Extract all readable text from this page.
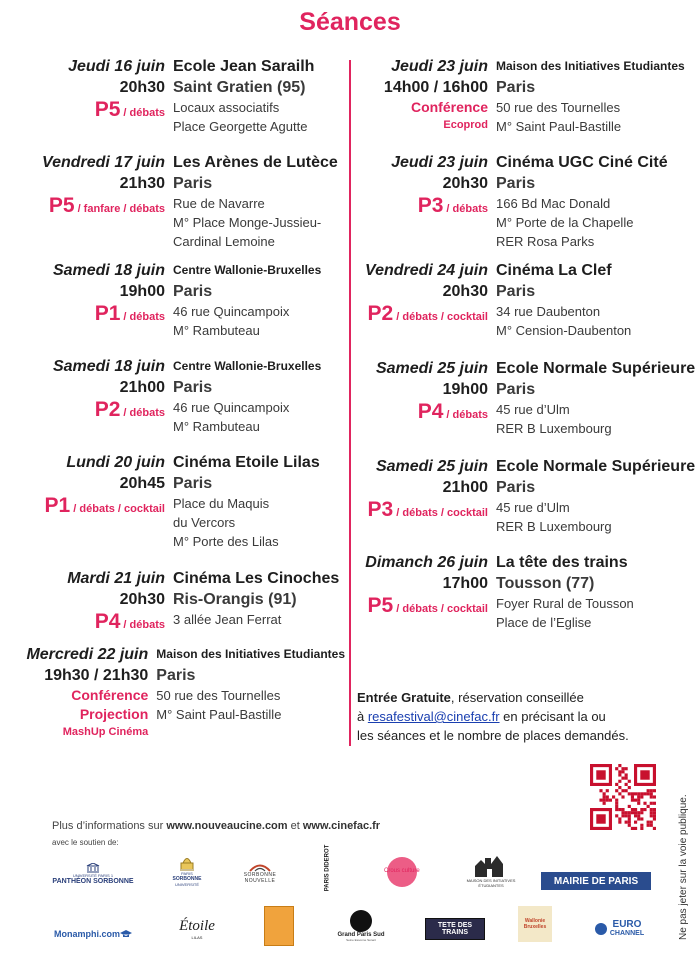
Séances
Jeudi 16 juin
20h30
P5 / débats
Ecole Jean Sarailh
Saint Gratien (95)
Locaux associatifs
Place Georgette Agutte
Vendredi 17 juin
21h30
P5 / fanfare / débats
Les Arènes de Lutèce
Paris
Rue de Navarre
M° Place Monge-Jussieu-
Cardinal Lemoine
Samedi 18 juin
19h00
P1 / débats
Centre Wallonie-Bruxelles
Paris
46 rue Quincampoix
M° Rambuteau
Samedi 18 juin
21h00
P2 / débats
Centre Wallonie-Bruxelles
Paris
46 rue Quincampoix
M° Rambuteau
Lundi 20 juin
20h45
P1 / débats / cocktail
Cinéma Etoile Lilas
Paris
Place du Maquis
du Vercors
M° Porte des Lilas
Mardi 21 juin
20h30
P4 / débats
Cinéma Les Cinoches
Ris-Orangis (91)
3 allée Jean Ferrat
Mercredi 22 juin
19h30 / 21h30
Conférence
Projection
MashUp Cinéma
Maison des Initiatives Etudiantes
Paris
50 rue des Tournelles
M° Saint Paul-Bastille
Jeudi 23 juin
14h00 / 16h00
Conférence
Ecoprod
Maison des Initiatives Etudiantes
Paris
50 rue des Tournelles
M° Saint Paul-Bastille
Jeudi 23 juin
20h30
P3 / débats
Cinéma UGC Ciné Cité
Paris
166 Bd Mac Donald
M° Porte de la Chapelle
RER Rosa Parks
Vendredi 24 juin
20h30
P2 / débats / cocktail
Cinéma La Clef
Paris
34 rue Daubenton
M° Cension-Daubenton
Samedi 25 juin
19h00
P4 / débats
Ecole Normale Supérieure
Paris
45 rue d’Ulm
RER B Luxembourg
Samedi 25 juin
21h00
P3 / débats / cocktail
Ecole Normale Supérieure
Paris
45 rue d’Ulm
RER B Luxembourg
Dimanch 26 juin
17h00
P5 / débats / cocktail
La tête des trains
Tousson (77)
Foyer Rural de Tousson
Place de l’Eglise
Entrée Gratuite, réservation conseillée
à resafestival@cinefac.fr en précisant la ou
les séances et le nombre de places demandés.
Ne pas jeter sur la voie publique.
Plus d’informations sur www.nouveaucine.com et www.cinefac.fr
avec le soutien de:
UNIVERSITÉ PARIS 1
PANTHÉON SORBONNE
PARIS
SORBONNE
UNIVERSITÉ
SORBONNE
NOUVELLE	PARIS DIDEROT	Crous culture
MAISON DES INITIATIVES
ÉTUDIANTES	MAIRIE DE PARIS
Monamphi.com	Étoile
LILAS	Grand Paris Sud
Seine Essonne Sénart
TETE DES TRAINS
Wallonie
Bruxelles	EURO
CHANNEL
